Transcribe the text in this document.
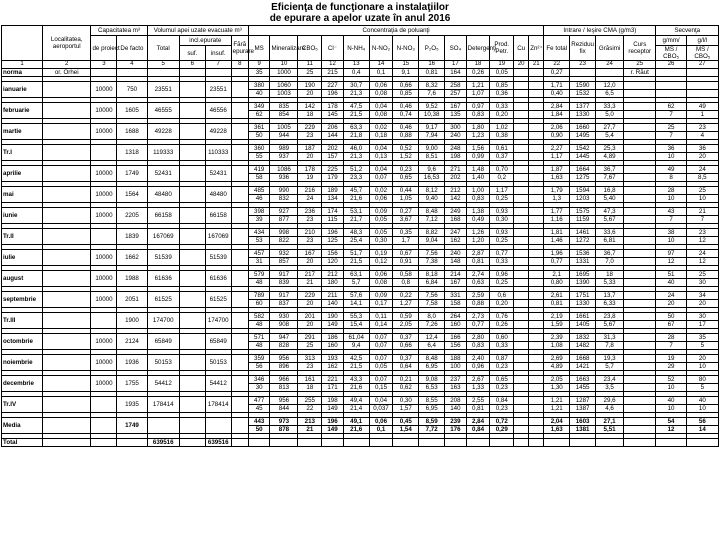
Eficienţa de funcţionare a instalaţiilor
de epurare a apelor uzate în anul 2016
	Localitatea, aeroportul	Capacitatea m³		Volumul apei uzate evacuate m³				Concentraţia de poluanţi													Intrare / Ieşire CMA (g/m3)				Secvenţa	
		de proiect	De facto	Total	incl.epurate		Fără epurare	MS	Mineralizare	CBO₅	Cl⁻	N-NH₄	N-NO₂	N-NO₃	P₂O₅	SO₄	Detergenţi	Prod. Petr.	Cu	Zn²⁺	Fe total	Reziduu fix	Grăsimi	Curs receptor	g/mm/	g/l/l
					suf.	insuf.																			MS / CBO₅	MS / CBO₅
1	2	3	4	5	6	7	8	9	10	11	12	13	14	15	16	17	18	19	20	21	22	23	24	25	26	27
norma	or. Orhei							35	1000	25	215	0,4	0,1	9,1	0,81	164	0,26	0,05			0,27			r. Răut		

ianuarie		10000	750	23551		23551		380	1060	190	227	30,7	0,06	0,66	8,32	258	1,21	0,85			1,71	1590	12,0			
								40	1003	20	196	21,3	0,08	0,85	7,6	257	1,07	0,36			0,40	1532	6,5			

februarie		10000	1605	46555		46556		349	835	142	178	47,5	0,04	0,46	9,52	167	0,97	0,33			2,84	1377	33,3		62	49
								62	854	18	145	21,5	0,08	0,74	10,38	135	0,83	0,20			1,84	1330	5,0		7	1

martie		10000	1688	49228		49228		361	1005	229	206	63,3	0,02	0,46	9,17	300	1,80	1,02			2,06	1660	27,7		25	23
								50	944	23	144	21,8	0,18	0,88	7,94	240	1,23	0,38			0,90	1495	5,4		7	4

Tr.I			1318	119333		110333		360	989	187	202	46,0	0,04	0,52	9,00	248	1,56	0,61			2,27	1542	25,3		36	36
								55	937	20	157	21,3	0,13	1,52	8,51	198	0,99	0,37			1,17	1445	4,89		10	20

aprilie		10000	1749	52431		52431		419	1086	178	225	51,2	0,04	0,23	9,6	271	1,48	0,70			1,87	1664	36,7		49	24
								58	936	19	179	23,3	0,07	0,65	16,53	202	1,40	0,2			1,63	1275	7,67		8	8,5

mai		10000	1564	48480		48480		485	990	216	189	45,7	0,02	0,44	8,12	212	1,00	1,17			1,79	1594	16,8		28	25
								46	832	24	134	21,6	0,06	1,05	9,40	142	0,83	0,25			1,3	1203	5,40		10	10

iunie		10000	2205	66158		66158		398	927	236	174	53,1	0,09	0,27	8,48	249	1,38	0,93			1,77	1575	47,3		43	21
								39	877	23	115	21,7	0,05	3,67	7,12	168	0,49	0,30			1,16	1159	5,67		7	7

Tr.II			1839	167069		167069		434	998	210	196	48,3	0,05	0,35	8,82	247	1,26	0,93			1,81	1461	33,6		38	23
								53	822	23	125	25,4	0,30	1,7	9,04	162	1,20	0,25			1,46	1272	6,81		10	12

iulie		10000	1662	51539		51539		457	932	167	156	51,7	0,19	0,67	7,56	240	2,87	0,77			1,96	1536	36,7		97	24
								31	857	20	120	21,5	0,12	0,91	7,38	148	0,81	0,33			0,77	1331	7,0		12	12

august		10000	1988	61636		61636		579	917	217	212	63,1	0,06	0,58	8,18	214	2,74	0,96			2,1	1695	18		51	25
								48	839	21	180	5,7	0,08	0,8	6,84	167	0,63	0,25			0,80	1390	5,33		40	30

septembrie		10000	2051	61525		61525		789	917	229	211	57,6	0,09	0,22	7,56	331	2,59	0,6			2,61	1751	13,7		24	34
								60	837	20	140	14,1	0,17	1,27	7,58	158	0,88	0,20			0,81	1330	6,33		20	20

Tr.III			1900	174700		174700		582	930	201	190	55,3	0,11	0,59	8,0	264	2,73	0,76			2,19	1661	23,8		50	30
								48	908	20	149	15,4	0,14	2,05	7,26	160	0,77	0,26			1,59	1405	5,67		67	17

octombrie		10000	2124	65849		65849		571	947	291	186	61,04	0,07	0,37	12,4	166	2,80	0,60			2,39	1832	31,3		28	35
								48	828	25	160	9,4	0,07	0,66	6,4	156	0,83	0,33			1,08	1482	7,8		7	5

noiembrie		10000	1936	50153		50153		359	956	313	193	42,5	0,07	0,37	8,48	188	2,40	0,87			2,69	1668	19,3		19	20
								56	896	23	162	21,5	0,05	0,64	6,95	100	0,96	0,23			4,89	1421	5,7		29	10

decembrie		10000	1755	54412		54412		346	966	161	221	43,3	0,07	0,21	9,08	237	2,67	0,65			2,05	1663	23,4		52	80
								30	813	18	171	21,6	0,15	0,62	6,53	163	1,33	0,23			1,30	1455	3,5		10	5

Tr.IV			1935	178414		178414		477	956	255	198	49,4	0,04	0,30	8,55	208	2,55	0,84			1,21	1287	29,6		40	40
								45	844	22	149	21,4	0,037	1,57	6,95	140	0,81	0,23			1,21	1387	4,6		10	10

Media			1749					443	973	213	196	49,1	0,06	0,45	8,59	239	2,84	0,72			2,04	1603	27,1		54	56
								50	878	21	149	21,6	0,1	1,54	7,72	176	0,84	0,29			1,63	1381	5,51		12	14

Total				639516		639516																				
